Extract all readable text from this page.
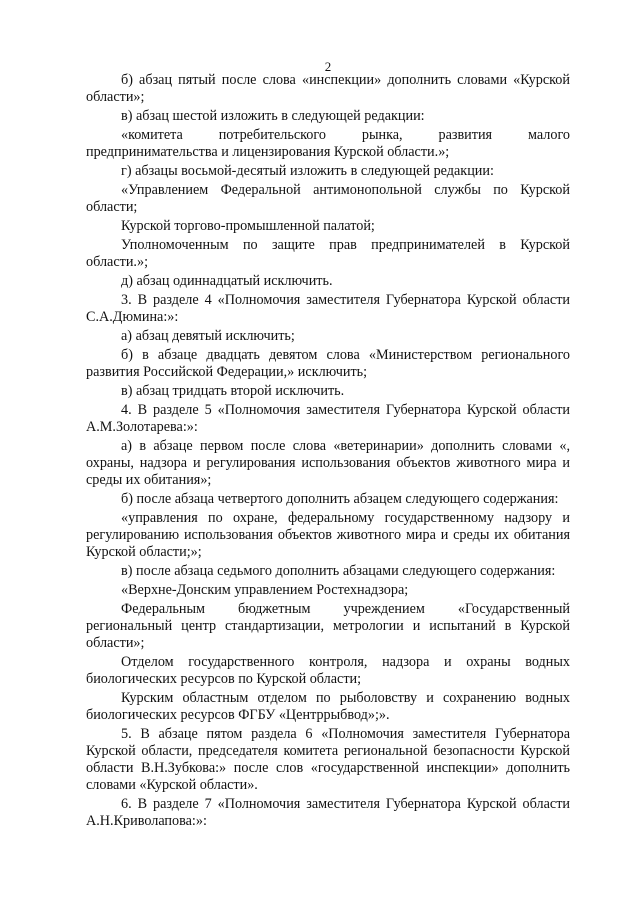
2

б) абзац пятый после слова «инспекции» дополнить словами «Курской области»;

в) абзац шестой изложить в следующей редакции:

«комитета потребительского рынка, развития малого предпринимательства и лицензирования Курской области.»;

г) абзацы восьмой-десятый изложить в следующей редакции:

«Управлением Федеральной антимонопольной службы по Курской области;

Курской торгово-промышленной палатой;

Уполномоченным по защите прав предпринимателей в Курской области.»;

д) абзац одиннадцатый исключить.

3. В разделе 4 «Полномочия заместителя Губернатора Курской области С.А.Дюмина:»:

а) абзац девятый исключить;

б) в абзаце двадцать девятом слова «Министерством регионального развития Российской Федерации,» исключить;

в) абзац тридцать второй исключить.

4. В разделе 5 «Полномочия заместителя Губернатора Курской области А.М.Золотарева:»:

а) в абзаце первом после слова «ветеринарии» дополнить словами «, охраны, надзора и регулирования использования объектов животного мира и среды их обитания»;

б) после абзаца четвертого дополнить абзацем следующего содержания:

«управления по охране, федеральному государственному надзору и регулированию использования объектов животного мира и среды их обитания Курской области;»;

в) после абзаца седьмого дополнить абзацами следующего содержания:

«Верхне-Донским управлением Ростехнадзора;

Федеральным бюджетным учреждением «Государственный региональный центр стандартизации, метрологии и испытаний в Курской области»;

Отделом государственного контроля, надзора и охраны водных биологических ресурсов по Курской области;

Курским областным отделом по рыболовству и сохранению водных биологических ресурсов ФГБУ «Центррыбвод»;».

5. В абзаце пятом раздела 6 «Полномочия заместителя Губернатора Курской области, председателя комитета региональной безопасности Курской области В.Н.Зубкова:» после слов «государственной инспекции» дополнить словами «Курской области».

6. В разделе 7 «Полномочия заместителя Губернатора Курской области А.Н.Криволапова:»:
